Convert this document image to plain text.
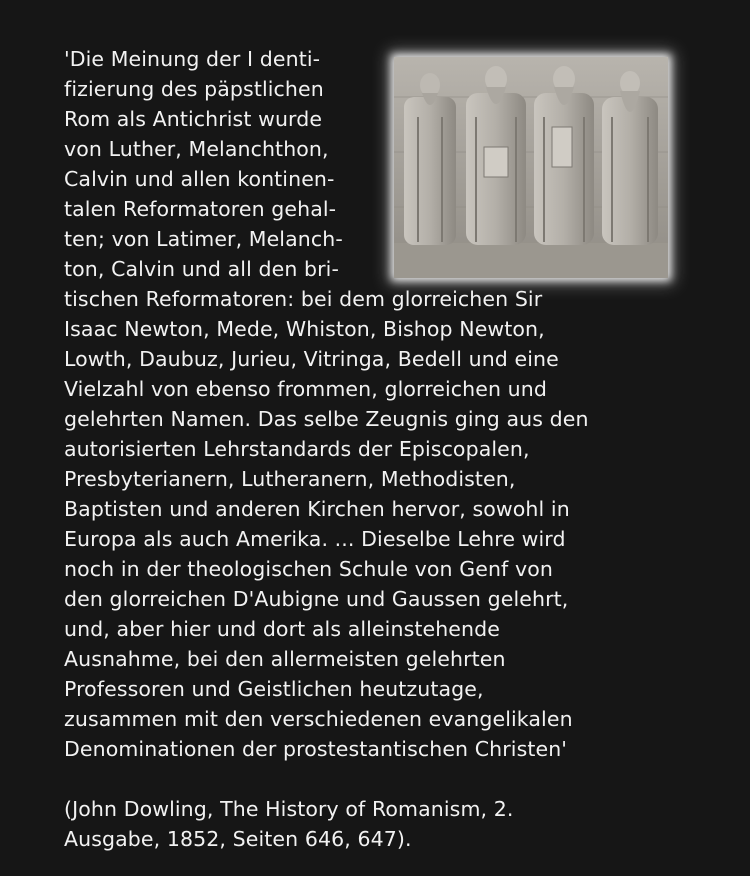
'Die Meinung der I denti-
fizierung des päpstlichen
Rom als Antichrist wurde
von Luther, Melanchthon,
Calvin und allen kontinen-
talen Reformatoren gehal-
ten; von Latimer, Melanch-
ton, Calvin und all den bri-
tischen Reformatoren: bei dem glorreichen Sir
Isaac Newton, Mede, Whiston, Bishop Newton,
Lowth, Daubuz, Jurieu, Vitringa, Bedell und eine
Vielzahl von ebenso frommen, glorreichen und
gelehrten Namen. Das selbe Zeugnis ging aus den
autorisierten Lehrstandards der Episcopalen,
Presbyterianern, Lutheranern, Methodisten,
Baptisten und anderen Kirchen hervor, sowohl in
Europa als auch Amerika. ... Dieselbe Lehre wird
noch in der theologischen Schule von Genf von
den glorreichen D'Aubigne und Gaussen gelehrt,
und, aber hier und dort als alleinstehende
Ausnahme, bei den allermeisten gelehrten
Professoren und Geistlichen heutzutage,
zusammen mit den verschiedenen evangelikalen
Denominationen der prostestantischen Christen'
(John Dowling, The History of Romanism, 2.
Ausgabe, 1852, Seiten 646, 647).
